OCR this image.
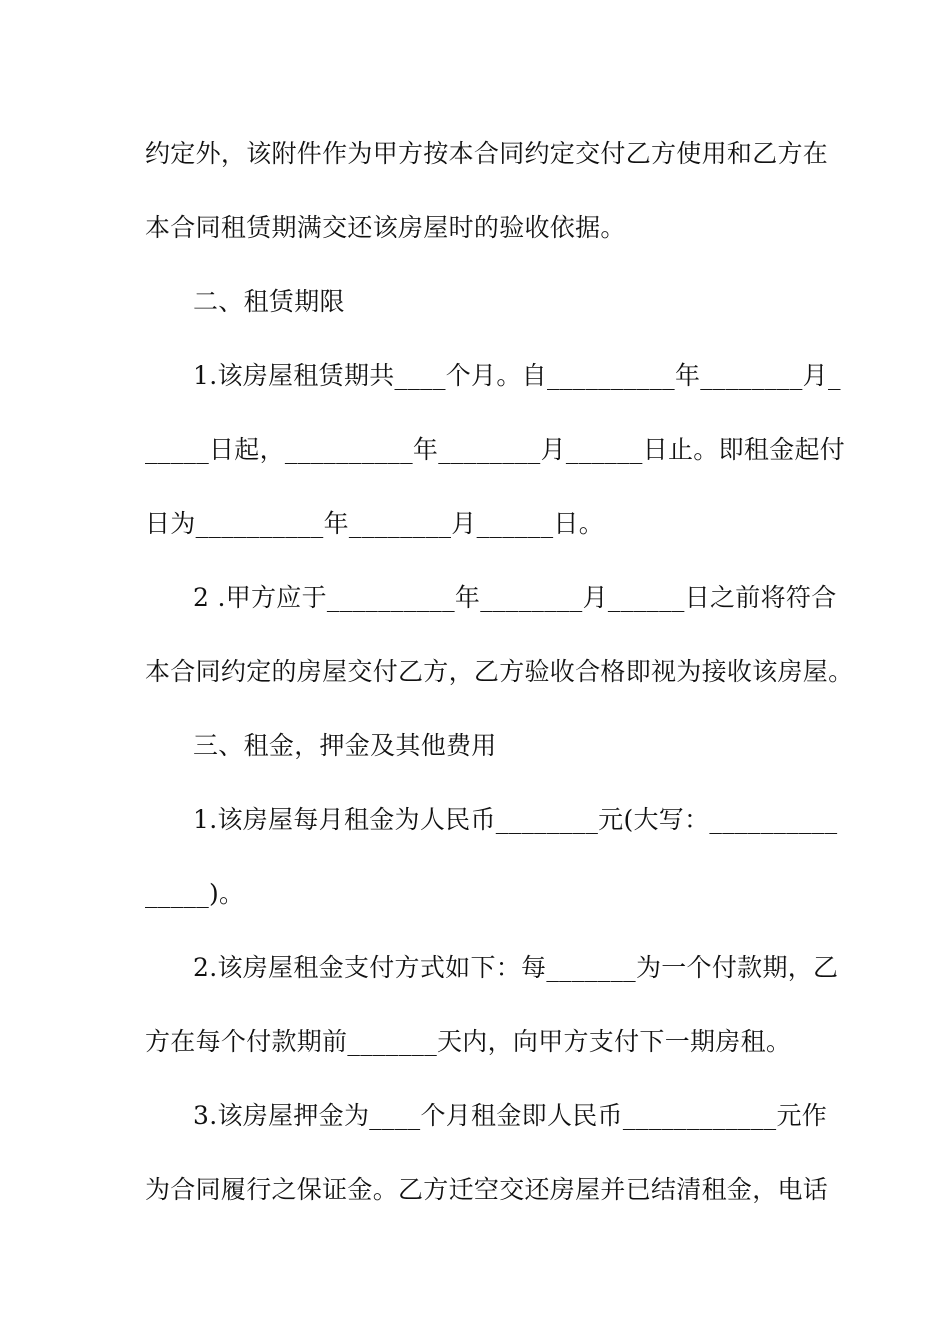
约定外，该附件作为甲方按本合同约定交付乙方使用和乙方在
本合同租赁期满交还该房屋时的验收依据。
二、租赁期限
1.该房屋租赁期共____个月。自__________年________月_
_____日起，__________年________月______日止。即租金起付
日为__________年________月______日。
2 .甲方应于__________年________月______日之前将符合
本合同约定的房屋交付乙方，乙方验收合格即视为接收该房屋。
三、租金，押金及其他费用
1.该房屋每月租金为人民币________元(大写：__________
_____)。
2.该房屋租金支付方式如下：每_______为一个付款期，乙
方在每个付款期前_______天内，向甲方支付下一期房租。
3.该房屋押金为____个月租金即人民币____________元作
为合同履行之保证金。乙方迁空交还房屋并已结清租金，电话
